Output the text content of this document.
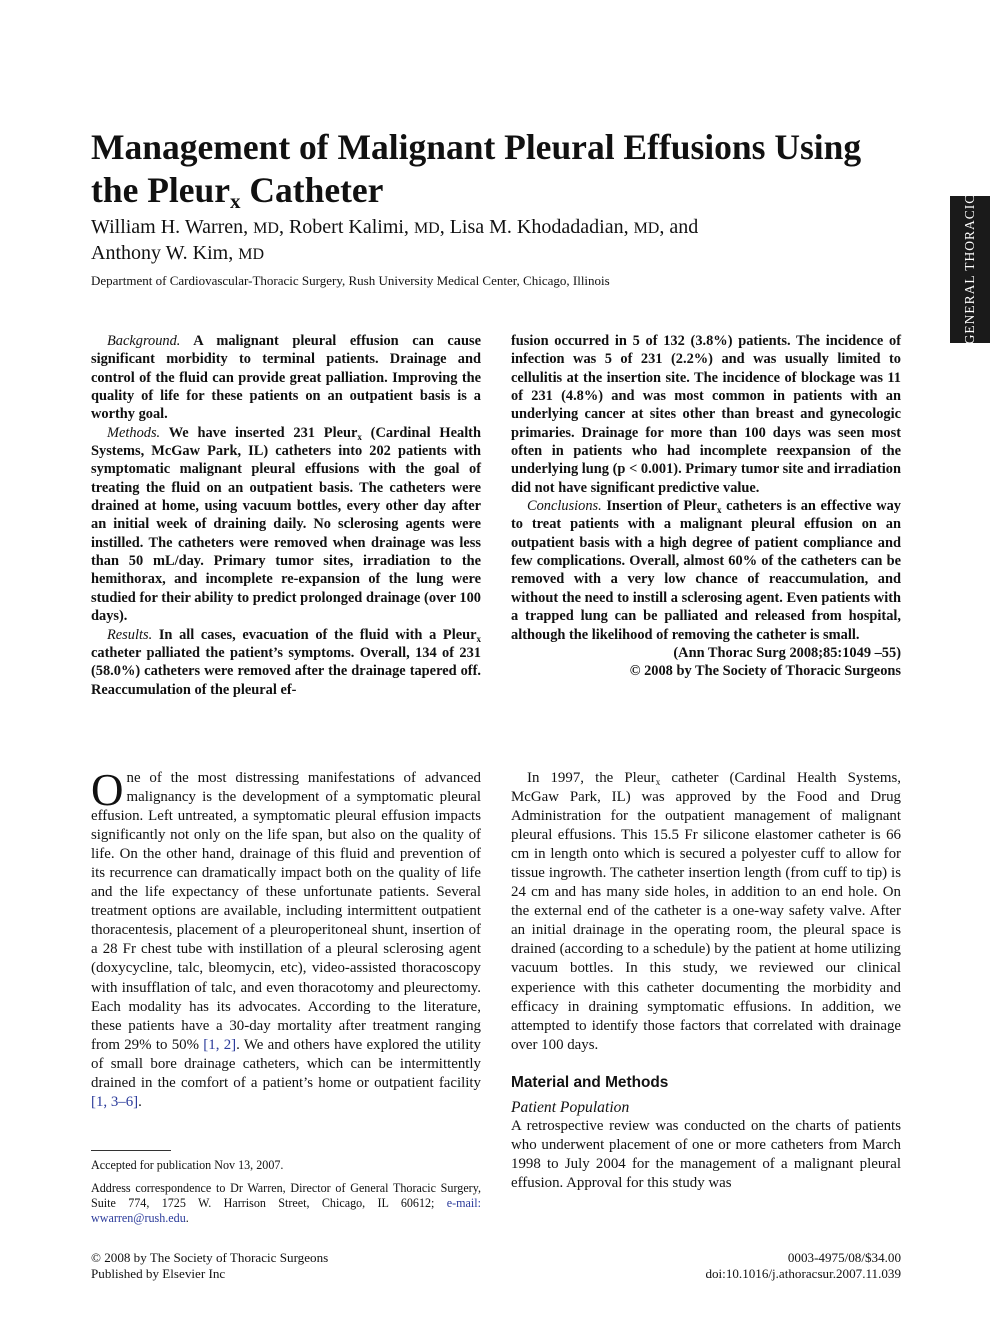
Management of Malignant Pleural Effusions Using the Pleur$_x$ Catheter
William H. Warren, MD, Robert Kalimi, MD, Lisa M. Khodadadian, MD, and
Anthony W. Kim, MD
Department of Cardiovascular-Thoracic Surgery, Rush University Medical Center, Chicago, Illinois	GENERAL THORACIC

Background. A malignant pleural effusion can cause significant morbidity to terminal patients. Drainage and control of the fluid can provide great palliation. Improving the quality of life for these patients on an outpatient basis is a worthy goal.

Methods. We have inserted 231 Pleur$_x$ (Cardinal Health Systems, McGaw Park, IL) catheters into 202 patients with symptomatic malignant pleural effusions with the goal of treating the fluid on an outpatient basis. The catheters were drained at home, using vacuum bottles, every other day after an initial week of draining daily. No sclerosing agents were instilled. The catheters were removed when drainage was less than 50 mL/day. Primary tumor sites, irradiation to the hemithorax, and incomplete re-expansion of the lung were studied for their ability to predict prolonged drainage (over 100 days).

Results. In all cases, evacuation of the fluid with a Pleur$_x$ catheter palliated the patient’s symptoms. Overall, 134 of 231 (58.0%) catheters were removed after the drainage tapered off. Reaccumulation of the pleural ef-

fusion occurred in 5 of 132 (3.8%) patients. The incidence of infection was 5 of 231 (2.2%) and was usually limited to cellulitis at the insertion site. The incidence of blockage was 11 of 231 (4.8%) and was most common in patients with an underlying cancer at sites other than breast and gynecologic primaries. Drainage for more than 100 days was seen most often in patients who had incomplete reexpansion of the underlying lung (p < 0.001). Primary tumor site and irradiation did not have significant predictive value.

Conclusions. Insertion of Pleur$_x$ catheters is an effective way to treat patients with a malignant pleural effusion on an outpatient basis with a high degree of patient compliance and few complications. Overall, almost 60% of the catheters can be removed with a very low chance of reaccumulation, and without the need to instill a sclerosing agent. Even patients with a trapped lung can be palliated and released from hospital, although the likelihood of removing the catheter is small.

(Ann Thorac Surg 2008;85:1049 –55)

© 2008 by The Society of Thoracic Surgeons

One of the most distressing manifestations of advanced malignancy is the development of a symptomatic pleural effusion. Left untreated, a symptomatic pleural effusion impacts significantly not only on the life span, but also on the quality of life. On the other hand, drainage of this fluid and prevention of its recurrence can dramatically impact both on the quality of life and the life expectancy of these unfortunate patients. Several treatment options are available, including intermittent outpatient thoracentesis, placement of a pleuroperitoneal shunt, insertion of a 28 Fr chest tube with instillation of a pleural sclerosing agent (doxycycline, talc, bleomycin, etc), video-assisted thoracoscopy with insufflation of talc, and even thoracotomy and pleurectomy. Each modality has its advocates. According to the literature, these patients have a 30-day mortality after treatment ranging from 29% to 50% [1, 2]. We and others have explored the utility of small bore drainage catheters, which can be intermittently drained in the comfort of a patient’s home or outpatient facility [1, 3–6].

In 1997, the Pleur$_x$ catheter (Cardinal Health Systems, McGaw Park, IL) was approved by the Food and Drug Administration for the outpatient management of malignant pleural effusions. This 15.5 Fr silicone elastomer catheter is 66 cm in length onto which is secured a polyester cuff to allow for tissue ingrowth. The catheter insertion length (from cuff to tip) is 24 cm and has many side holes, in addition to an end hole. On the external end of the catheter is a one-way safety valve. After an initial drainage in the operating room, the pleural space is drained (according to a schedule) by the patient at home utilizing vacuum bottles. In this study, we reviewed our clinical experience with this catheter documenting the morbidity and efficacy in draining symptomatic effusions. In addition, we attempted to identify those factors that correlated with drainage over 100 days.

Material and Methods
Patient Population

A retrospective review was conducted on the charts of patients who underwent placement of one or more catheters from March 1998 to July 2004 for the management of a malignant pleural effusion. Approval for this study was

Accepted for publication Nov 13, 2007.
Address correspondence to Dr Warren, Director of General Thoracic Surgery, Suite 774, 1725 W. Harrison Street, Chicago, IL 60612; e-mail: wwarren@rush.edu.
© 2008 by The Society of Thoracic Surgeons
Published by Elsevier Inc
0003-4975/08/$34.00
doi:10.1016/j.athoracsur.2007.11.039
